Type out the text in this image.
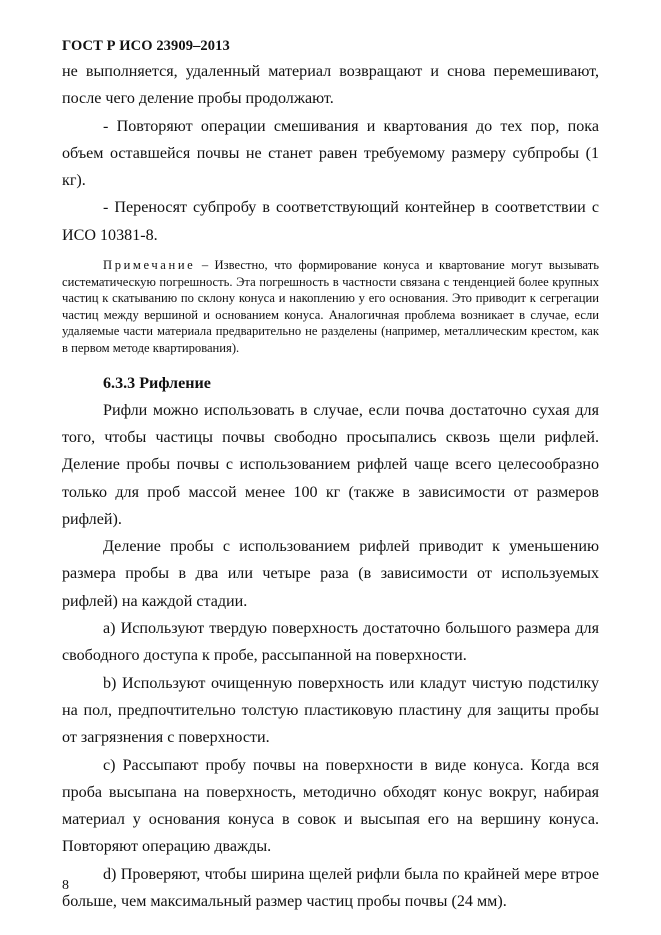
ГОСТ Р ИСО 23909–2013

не выполняется, удаленный материал возвращают и снова перемешивают, после чего деление пробы продолжают.

- Повторяют операции смешивания и квартования до тех пор, пока объем оставшейся почвы не станет равен требуемому размеру субпробы (1 кг).

- Переносят субпробу в соответствующий контейнер в соответствии с ИСО 10381-8.

Примечание – Известно, что формирование конуса и квартование могут вызывать систематическую погрешность. Эта погрешность в частности связана с тенденцией более крупных частиц к скатыванию по склону конуса и накоплению у его основания. Это приводит к сегрегации частиц между вершиной и основанием конуса. Аналогичная проблема возникает в случае, если удаляемые части материала предварительно не разделены (например, металлическим крестом, как в первом методе квартирования).

6.3.3 Рифление

Рифли можно использовать в случае, если почва достаточно сухая для того, чтобы частицы почвы свободно просыпались сквозь щели рифлей. Деление пробы почвы с использованием рифлей чаще всего целесообразно только для проб массой менее 100 кг (также в зависимости от размеров рифлей).

Деление пробы с использованием рифлей приводит к уменьшению размера пробы в два или четыре раза (в зависимости от используемых рифлей) на каждой стадии.

а) Используют твердую поверхность достаточно большого размера для свободного доступа к пробе, рассыпанной на поверхности.

b) Используют очищенную поверхность или кладут чистую подстилку на пол, предпочтительно толстую пластиковую пластину для защиты пробы от загрязнения с поверхности.

c) Рассыпают пробу почвы на поверхности в виде конуса. Когда вся проба высыпана на поверхность, методично обходят конус вокруг, набирая материал у основания конуса в совок и высыпая его на вершину конуса. Повторяют операцию дважды.

d) Проверяют, чтобы ширина щелей рифли была по крайней мере втрое больше, чем максимальный размер частиц пробы почвы (24 мм).

8
